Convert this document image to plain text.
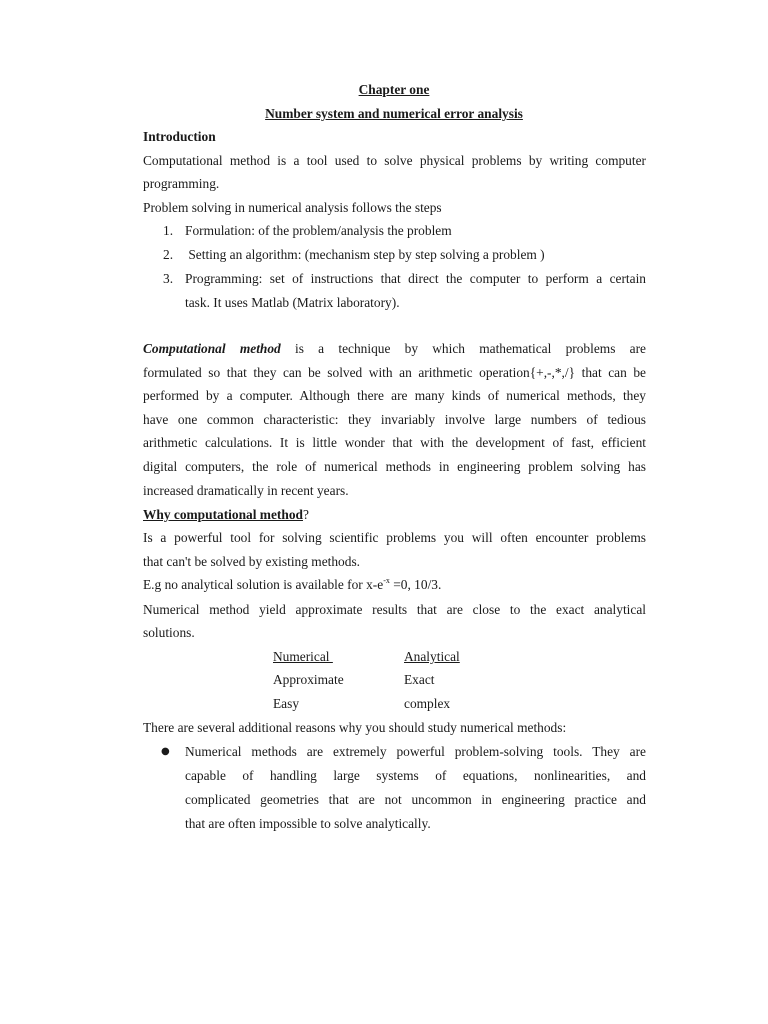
Chapter one
Number system and numerical error analysis
Introduction
Computational method is a tool used to solve physical problems by writing computer
programming.
Problem solving in numerical analysis follows the steps
1. Formulation: of the problem/analysis the problem
2. Setting an algorithm: (mechanism step by step solving a problem )
3. Programming: set of instructions that direct the computer to perform a certain
task. It uses Matlab (Matrix laboratory).
Computational method is a technique by which mathematical problems are
formulated so that they can be solved with an arithmetic operation{+,-,*,/} that can be
performed by a computer. Although there are many kinds of numerical methods, they
have one common characteristic: they invariably involve large numbers of tedious
arithmetic calculations. It is little wonder that with the development of fast, efficient
digital computers, the role of numerical methods in engineering problem solving has
increased dramatically in recent years.
Why computational method?
Is a powerful tool for solving scientific problems you will often encounter problems
that can't be solved by existing methods.
E.g no analytical solution is available for $x-e^{-x} =0$, 10/3.
Numerical method yield approximate results that are close to the exact analytical
solutions.
Numerical	Analytical
Approximate	Exact
Easy	complex
There are several additional reasons why you should study numerical methods:
● Numerical methods are extremely powerful problem-solving tools. They are
capable of handling large systems of equations, nonlinearities, and
complicated geometries that are not uncommon in engineering practice and
that are often impossible to solve analytically.
